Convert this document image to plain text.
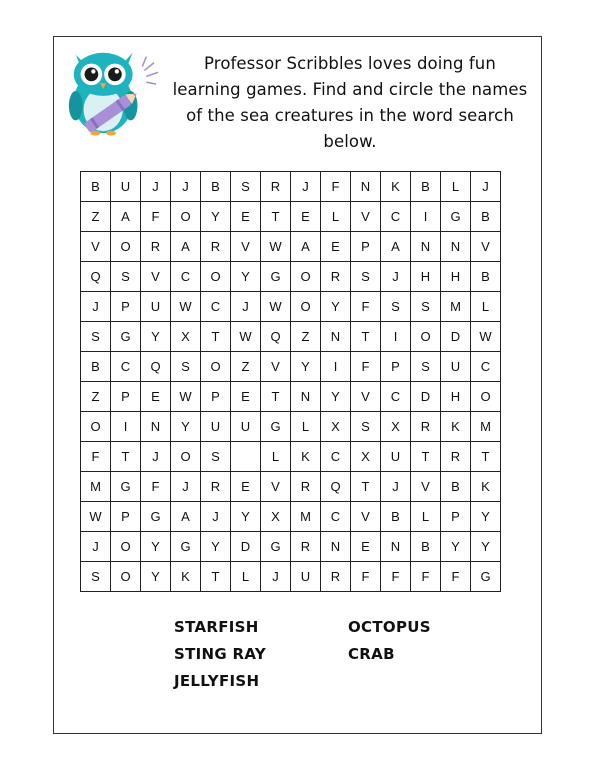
Professor Scribbles loves doing fun learning games. Find and circle the names of the sea creatures in the word search below.
B	U	J	J	B	S	R	J	F	N	K	B	L	J
Z	A	F	O	Y	E	T	E	L	V	C	I	G	B
V	O	R	A	R	V	W	A	E	P	A	N	N	V
Q	S	V	C	O	Y	G	O	R	S	J	H	H	B
J	P	U	W	C	J	W	O	Y	F	S	S	M	L
S	G	Y	X	T	W	Q	Z	N	T	I	O	D	W
B	C	Q	S	O	Z	V	Y	I	F	P	S	U	C
Z	P	E	W	P	E	T	N	Y	V	C	D	H	O
O	I	N	Y	U	U	G	L	X	S	X	R	K	M
F	T	J	O	S		L	K	C	X	U	T	R	T
M	G	F	J	R	E	V	R	Q	T	J	V	B	K
W	P	G	A	J	Y	X	M	C	V	B	L	P	Y
J	O	Y	G	Y	D	G	R	N	E	N	B	Y	Y
S	O	Y	K	T	L	J	U	R	F	F	F	F	G
STARFISH
STING RAY
JELLYFISH
OCTOPUS
CRAB
